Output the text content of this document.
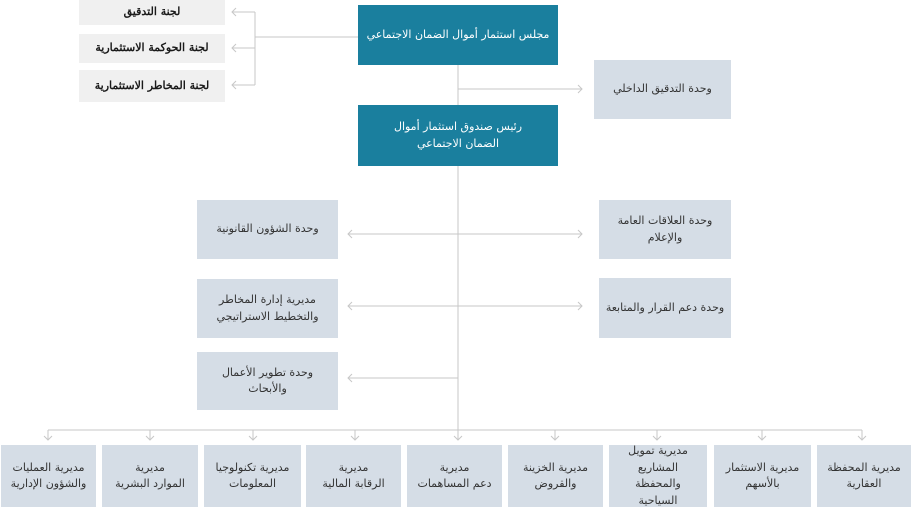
لجنة التدقيق
لجنة الحوكمة الاستثمارية
لجنة المخاطر الاستثمارية
مجلس استثمار أموال الضمان الاجتماعي
وحدة التدقيق الداخلي
رئيس صندوق استثمار أموال
الضمان الاجتماعي
وحدة الشؤون القانونية
مديرية إدارة المخاطر
والتخطيط الاستراتيجي
وحدة تطوير الأعمال
والأبحاث
وحدة العلاقات العامة
والإعلام
وحدة دعم القرار والمتابعة
مديرية المحفظة
العقارية
مديرية الاستثمار
بالأسهم
مديرية تمويل المشاريع
والمحفظة السياحية
مديرية الخزينة
والقروض
مديرية
دعم المساهمات
مديرية
الرقابة المالية
مديرية تكنولوجيا
المعلومات
مديرية
الموارد البشرية
مديرية العمليات
والشؤون الإدارية
